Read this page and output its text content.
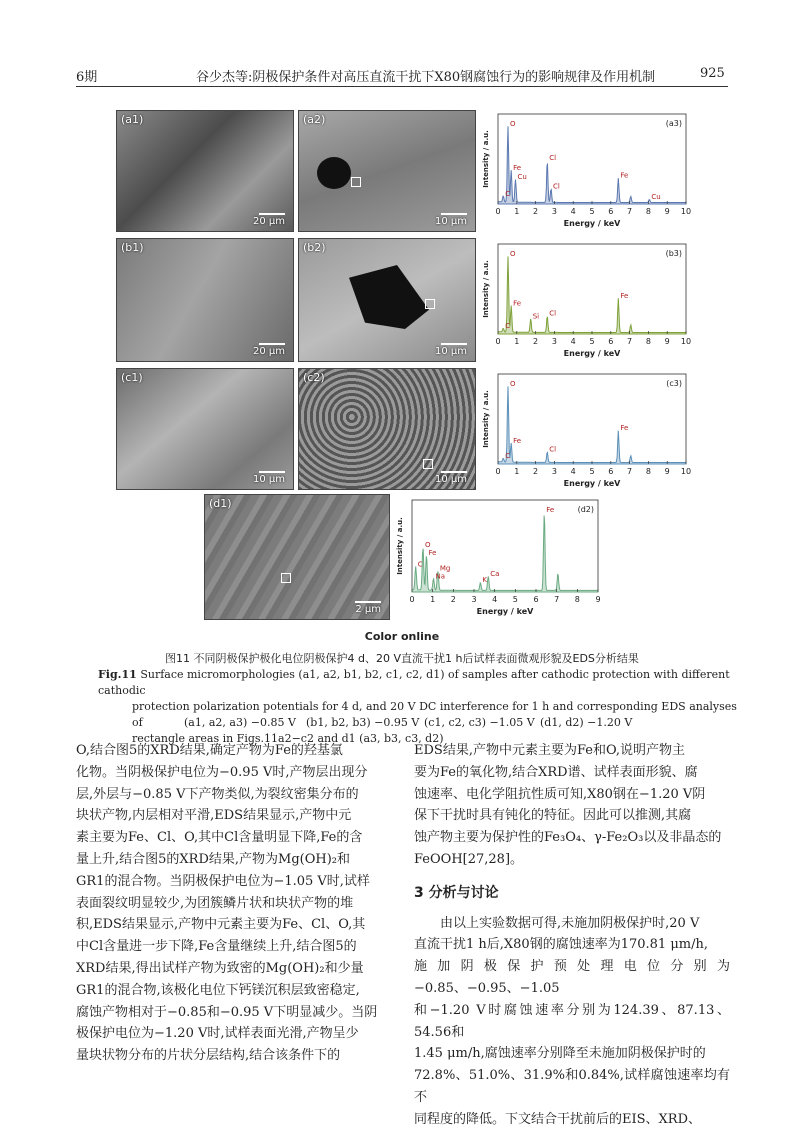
6期	谷少杰等:阴极保护条件对高压直流干扰下X80钢腐蚀行为的影响规律及作用机制	925
(a1)
20 μm
(a2)
10 μm
(b1)
20 μm
(b2)
10 μm
(c1)
10 μm
(c2)
10 μm
(d1)
2 μm
C
O
Fe
Cu
Cl
Cl
Fe
Cu
0 1 2 3 4 5 6 7 8 9 10
Energy / keV
Intensity / a.u.
(a3)
C
O
Fe
Si Cl
Fe
0 1 2 3 4 5 6 7 8 9 10
Energy / keV
Intensity / a.u.
(b3)
C
O
Fe
Cl
Fe
0 1 2 3 4 5 6 7 8 9 10
Energy / keV
Intensity / a.u.
(c3)
C
O
Fe
Na
Mg
K
Ca
Fe
0 1 2 3 4 5 6 7 8 9
Energy / keV
Intensity / a.u.
(d2)
Color online
图11 不同阴极保护极化电位阴极保护4 d、20 V直流干扰1 h后试样表面微观形貌及EDS分析结果
Fig.11 Surface micromorphologies (a1, a2, b1, b2, c1, c2, d1) of samples after cathodic protection with different cathodic
protection polarization potentials for 4 d, and 20 V DC interference for 1 h and corresponding EDS analyses of
rectangle areas in Figs.11a2−c2 and d1 (a3, b3, c3, d2)
(a1, a2, a3) −0.85 V (b1, b2, b3) −0.95 V (c1, c2, c3) −1.05 V (d1, d2) −1.20 V

O,结合图5的XRD结果,确定产物为Fe的羟基氯

化物。当阴极保护电位为−0.95 V时,产物层出现分

层,外层与−0.85 V下产物类似,为裂纹密集分布的

块状产物,内层相对平滑,EDS结果显示,产物中元

素主要为Fe、Cl、O,其中Cl含量明显下降,Fe的含

量上升,结合图5的XRD结果,产物为Mg(OH)₂和

GR1的混合物。当阴极保护电位为−1.05 V时,试样

表面裂纹明显较少,为团簇鳞片状和块状产物的堆

积,EDS结果显示,产物中元素主要为Fe、Cl、O,其

中Cl含量进一步下降,Fe含量继续上升,结合图5的

XRD结果,得出试样产物为致密的Mg(OH)₂和少量

GR1的混合物,该极化电位下钙镁沉积层致密稳定,

腐蚀产物相对于−0.85和−0.95 V下明显减少。当阴

极保护电位为−1.20 V时,试样表面光滑,产物呈少

量块状物分布的片状分层结构,结合该条件下的

EDS结果,产物中元素主要为Fe和O,说明产物主

要为Fe的氧化物,结合XRD谱、试样表面形貌、腐

蚀速率、电化学阻抗性质可知,X80钢在−1.20 V阴

保下干扰时具有钝化的特征。因此可以推测,其腐

蚀产物主要为保护性的Fe₃O₄、γ-Fe₂O₃以及非晶态的

FeOOH[27,28]。

3 分析与讨论

　　由以上实验数据可得,未施加阴极保护时,20 V

直流干扰1 h后,X80钢的腐蚀速率为170.81 μm/h,

施加阴极保护预处理电位分别为−0.85、−0.95、−1.05

和−1.20 V时腐蚀速率分别为124.39、87.13、54.56和

1.45 μm/h,腐蚀速率分别降至未施加阴极保护时的

72.8%、51.0%、31.9%和0.84%,试样腐蚀速率均有不

同程度的降低。下文结合干扰前后的EIS、XRD、
